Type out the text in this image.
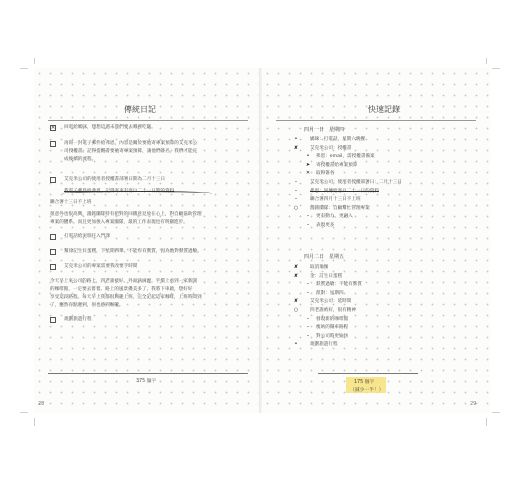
傳統日記
✕
回電給媽咪，想想這週末我們要去哪裡吃飯。
再寫一封電子郵件給弗恩，內容是關於要他寄專案預算的艾克米公
司授權書。記得提醒書要他寄專案預算，請他們簽名。我們才能完
成後續的流程。
艾克米公司的使用者授權書部署日期為二月十三日
我電子郵件給弗恩，記得寄來有客戶二十一日期的資料
聯合署十三日不上班
很意外也很高興，鴻銘團隊特有把對的回饋意見放在心上，對自顧協助管理
專案的體系。而且更加強入專案團隊，最的工作表現也有明顯進步。
打電話給泥瑞任入門課
幫徐記生日蛋糕，下星期四舉。不能有有麩質，因為他對麩質過敏。
艾克米公司的專案需要我改要手時間
今天早上來公司的路上，四老誰被好。外面滴滴瀝。平價上看到一家新開
的咖啡館，一定要去嘗嘗。路上的風景優美多了，我將下車啟，想好好
享受這段路程。每天早上我都很興趣上班，完全記起這家咖啡，上班時間到
了，應然有點遲到，但也感到喉嚨。
規劃旅遊行程
375 個字
28
快速記錄
四月一日　星期四
四月二日　星期五
175 個字
（減少一半！）
29
•	媽咪：打電話，星期六晚餐
✘	艾克米公司：授權書
•	弗恩：email，需授權書備案
➤	寄授權書給專案預算
✕	取得簽名
–	艾克米公司：使用者授權部署日：二月十三日
–	弗恩：回傳給客戶二十一日的資料
–	聯合署四月十三日不上班
○	鴻銘團隊：自顧幫忙管理專案
–	更有動力、更融入
–	表現更多
✘	取消瑜伽
✘	金：訂生日蛋糕
–	麩質過敏：不能有麩質
–	派對：星期四
✘	艾克米公司：延時間
○	四老誰被好，很有精神
–	發現新的咖啡館
–	瘦幼的開車路程
–	對公司時更愉快
•	規劃旅遊行程
